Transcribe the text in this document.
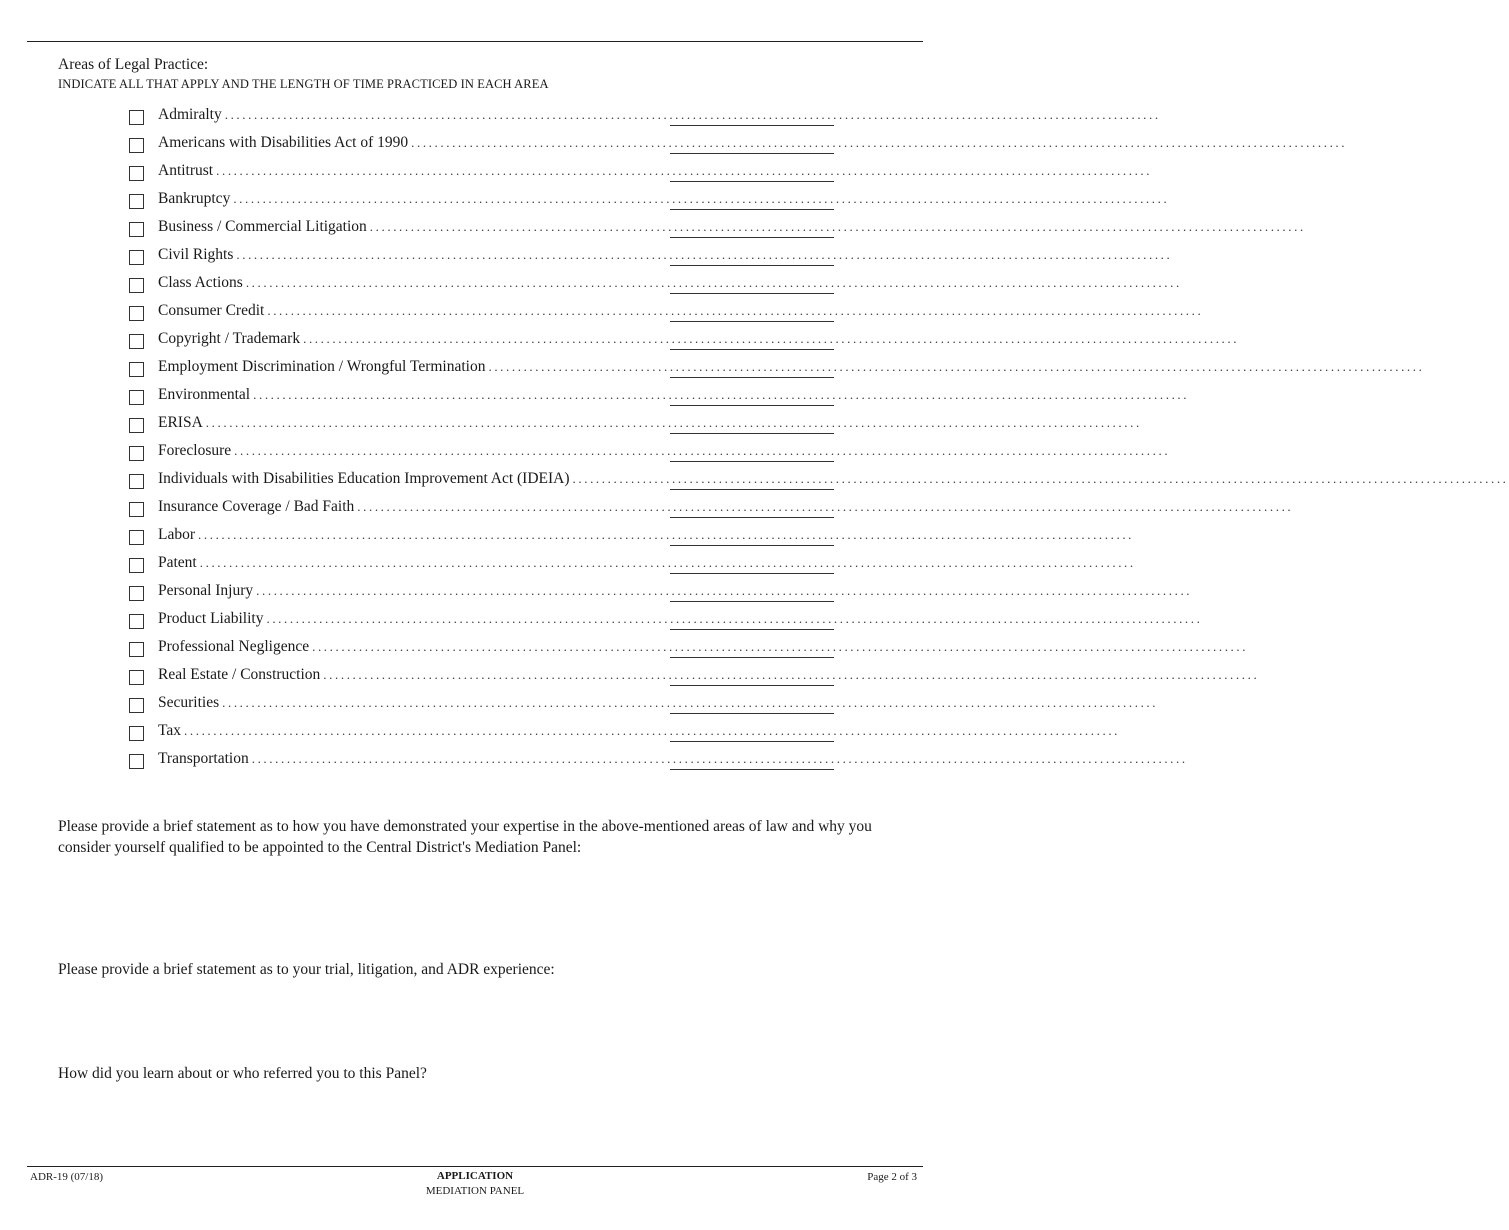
Areas of Legal Practice:
INDICATE ALL THAT APPLY AND THE LENGTH OF TIME PRACTICED IN EACH AREA
Admiralty ................................................................................................................................................................
Americans with Disabilities Act of 1990 ................................................................................................................................................................
Antitrust ................................................................................................................................................................
Bankruptcy ................................................................................................................................................................
Business / Commercial Litigation ................................................................................................................................................................
Civil Rights ................................................................................................................................................................
Class Actions ................................................................................................................................................................
Consumer Credit ................................................................................................................................................................
Copyright / Trademark ................................................................................................................................................................
Employment Discrimination / Wrongful Termination ................................................................................................................................................................
Environmental ................................................................................................................................................................
ERISA ................................................................................................................................................................
Foreclosure ................................................................................................................................................................
Individuals with Disabilities Education Improvement Act (IDEIA) ................................................................................................................................................................
Insurance Coverage / Bad Faith ................................................................................................................................................................
Labor ................................................................................................................................................................
Patent ................................................................................................................................................................
Personal Injury ................................................................................................................................................................
Product Liability ................................................................................................................................................................
Professional Negligence ................................................................................................................................................................
Real Estate / Construction ................................................................................................................................................................
Securities ................................................................................................................................................................
Tax ................................................................................................................................................................
Transportation ................................................................................................................................................................
Please provide a brief statement as to how you have demonstrated your expertise in the above-mentioned areas of law and why you consider yourself qualified to be appointed to the Central District's Mediation Panel:
Please provide a brief statement as to your trial, litigation, and ADR experience:
How did you learn about or who referred you to this Panel?
ADR-19 (07/18)	APPLICATION
MEDIATION PANEL
Page 2 of 3
